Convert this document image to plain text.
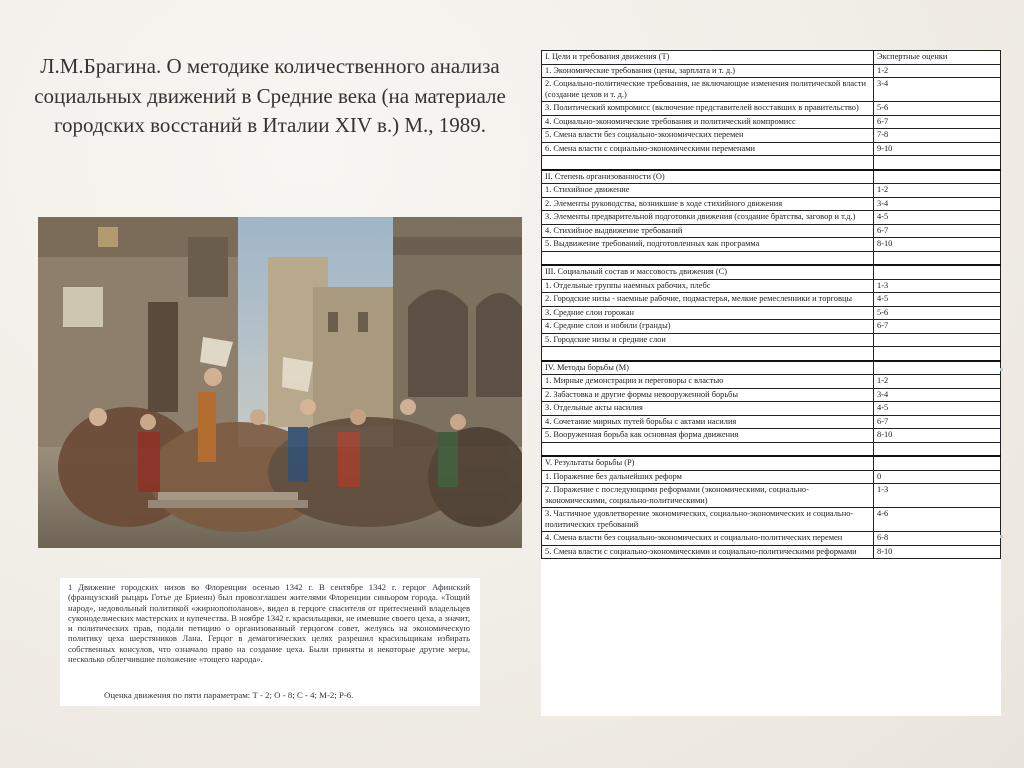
Л.М.Брагина. О методике количественного анализа социальных движений в Средние века (на материале городских восстаний в Италии XIV в.) М., 1989.
1 Движение городских низов во Флоренции осенью 1342 г. В сентябре 1342 г. герцог Афинский (французский рыцарь Готье де Бриенн) был провозглашен жителями Флоренции синьором города. «Тощий народ», недовольный политикой «жирнопополанов», видел в герцоге спасителя от притеснений владельцев суконодельческих мастерских и купечества. В ноябре 1342 г. красильщики, не имевшие своего цеха, а значит, и политических прав, подали петицию о организованный герцогом совет, желуясь на экономическую политику цеха шерстяников Лана. Герцог в демагогических целях разрешил красильщикам избирать собственных консулов, что означало право на создание цеха. Были приняты и некоторые другие меры, несколько облегчившие положение «тощего народа».
Оценка движения по пяти параметрам: Т - 2; О - 8; С - 4; М-2; Р-6.
I. Цели и требования движения (Т)	Экспертные оценки
1. Экономические требования (цены, зарплата и т. д.)	1-2
2. Социально-политические требования, не включающие изменения политической власти (создание цехов и т. д.)	3-4
3. Политический компромисс (включение представителей восставших в правительство)	5-6
4. Социально-экономические требования и политический компромисс	6-7
5. Смена власти без социально-экономических перемен	7-8
6. Смена власти с социально-экономическими переменами	9-10

II. Степень организованности (О)	
1. Стихийное движение	1-2
2. Элементы руководства, возникшие в ходе стихийного движения	3-4
3. Элементы предварительной подготовки движения (создание братства, заговор и т.д.)	4-5
4. Стихийное выдвижение требований	6-7
5. Выдвижение требований, подготовленных как программа	8-10

III. Социальный состав и массовость движения (С)	
1. Отдельные группы наемных рабочих, плебс	1-3
2. Городские низы - наемные рабочие, подмастерья, мелкие ремесленники и торговцы	4-5
3. Средние слои горожан	5-6
4. Средние слои и нобили (гранды)	6-7
5. Городские низы и средние слои	

IV. Методы борьбы (М)	
1. Мирные демонстрации и переговоры с властью	1-2
2. Забастовка и другие формы невооруженной борьбы	3-4
3. Отдельные акты насилия	4-5
4. Сочетание мирных путей борьбы с актами насилия	6-7
5. Вооруженная борьба как основная форма движения	8-10

V. Результаты борьбы (Р)	
1. Поражение без дальнейших реформ	0
2. Поражение с последующими реформами (экономическими, социально-экономическими, социально-политическими)	1-3
3. Частичное удовлетворение экономических, социально-экономических и социально-политических требований	4-6
4. Смена власти без социально-экономических и социально-политических перемен	6-8
5. Смена власти с социально-экономическими и социально-политическими реформами	8-10
